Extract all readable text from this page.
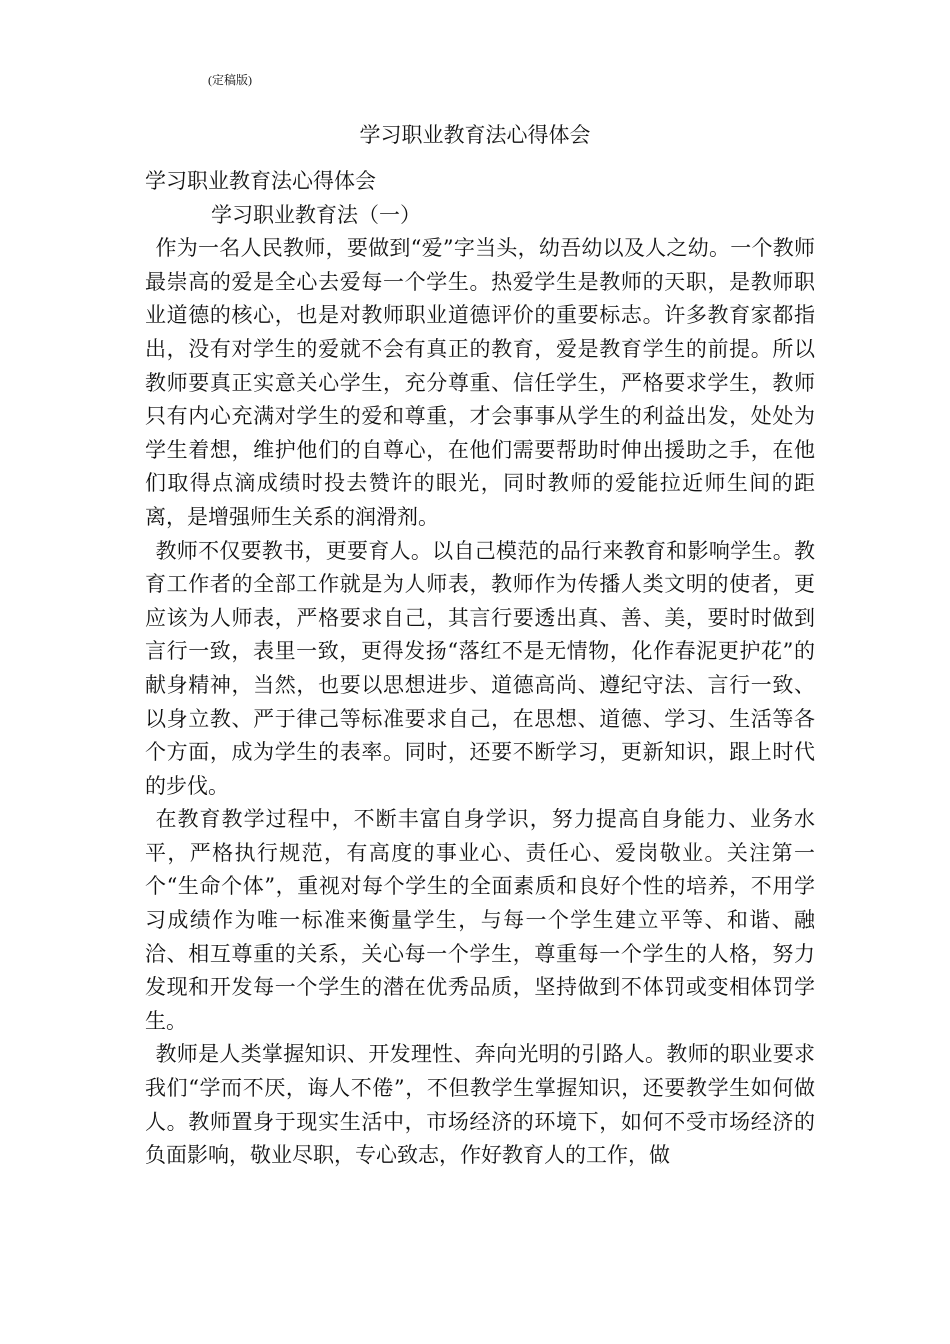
(定稿版)
学习职业教育法心得体会

学习职业教育法心得体会

学习职业教育法（一）

作为一名人民教师，要做到“爱”字当头，幼吾幼以及人之幼。一个教师最崇高的爱是全心去爱每一个学生。热爱学生是教师的天职，是教师职业道德的核心，也是对教师职业道德评价的重要标志。许多教育家都指出，没有对学生的爱就不会有真正的教育，爱是教育学生的前提。所以教师要真正实意关心学生，充分尊重、信任学生，严格要求学生，教师只有内心充满对学生的爱和尊重，才会事事从学生的利益出发，处处为学生着想，维护他们的自尊心，在他们需要帮助时伸出援助之手，在他们取得点滴成绩时投去赞许的眼光，同时教师的爱能拉近师生间的距离，是增强师生关系的润滑剂。

教师不仅要教书，更要育人。以自己模范的品行来教育和影响学生。教育工作者的全部工作就是为人师表，教师作为传播人类文明的使者，更应该为人师表，严格要求自己，其言行要透出真、善、美，要时时做到言行一致，表里一致，更得发扬“落红不是无情物，化作春泥更护花”的献身精神，当然，也要以思想进步、道德高尚、遵纪守法、言行一致、以身立教、严于律己等标准要求自己，在思想、道德、学习、生活等各个方面，成为学生的表率。同时，还要不断学习，更新知识，跟上时代的步伐。

在教育教学过程中，不断丰富自身学识，努力提高自身能力、业务水平，严格执行规范，有高度的事业心、责任心、爱岗敬业。关注第一个“生命个体”，重视对每个学生的全面素质和良好个性的培养，不用学习成绩作为唯一标准来衡量学生，与每一个学生建立平等、和谐、融洽、相互尊重的关系，关心每一个学生，尊重每一个学生的人格，努力发现和开发每一个学生的潜在优秀品质，坚持做到不体罚或变相体罚学生。

教师是人类掌握知识、开发理性、奔向光明的引路人。教师的职业要求我们“学而不厌，诲人不倦”，不但教学生掌握知识，还要教学生如何做人。教师置身于现实生活中，市场经济的环境下，如何不受市场经济的负面影响，敬业尽职，专心致志，作好教育人的工作，做
